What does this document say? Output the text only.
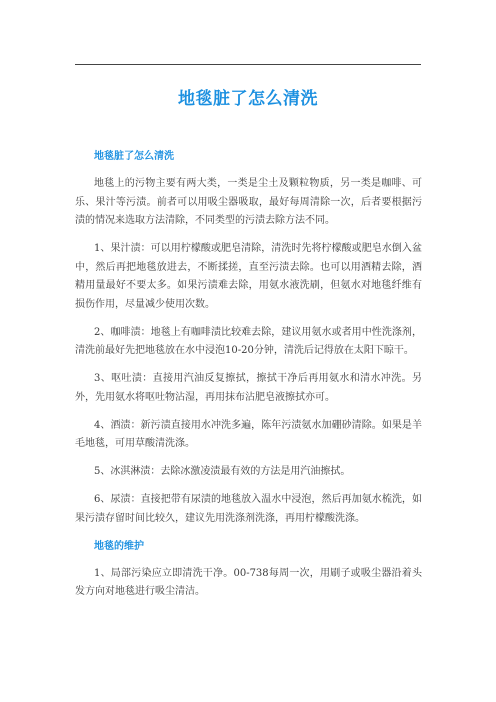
地毯脏了怎么清洗
地毯脏了怎么清洗

地毯上的污物主要有两大类，一类是尘土及颗粒物质，另一类是咖啡、可乐、果汁等污渍。前者可以用吸尘器吸取，最好每周清除一次，后者要根据污渍的情况来选取方法清除，不同类型的污渍去除方法不同。

1、果汁渍：可以用柠檬酸或肥皂清除，清洗时先将柠檬酸或肥皂水倒入盆中，然后再把地毯放进去，不断揉搓，直至污渍去除。也可以用酒精去除，酒精用量最好不要太多。如果污渍难去除，用氨水液洗刷，但氨水对地毯纤维有损伤作用，尽量减少使用次数。

2、咖啡渍：地毯上有咖啡渍比较难去除，建议用氨水或者用中性洗涤剂，清洗前最好先把地毯放在水中浸泡10-20分钟，清洗后记得放在太阳下晾干。

3、呕吐渍：直接用汽油反复擦拭，擦拭干净后再用氨水和清水冲洗。另外，先用氨水将呕吐物沾湿，再用抹布沾肥皂液擦拭亦可。

4、酒渍：新污渍直接用水冲洗多遍，陈年污渍氨水加硼砂清除。如果是羊毛地毯，可用草酸清洗涤。

5、冰淇淋渍：去除冰激凌渍最有效的方法是用汽油擦拭。

6、尿渍：直接把带有尿渍的地毯放入温水中浸泡，然后再加氨水梳洗，如果污渍存留时间比较久，建议先用洗涤剂洗涤，再用柠檬酸洗涤。

地毯的维护

1、局部污染应立即清洗干净。00-738每周一次，用刷子或吸尘器沿着头发方向对地毯进行吸尘清洁。
